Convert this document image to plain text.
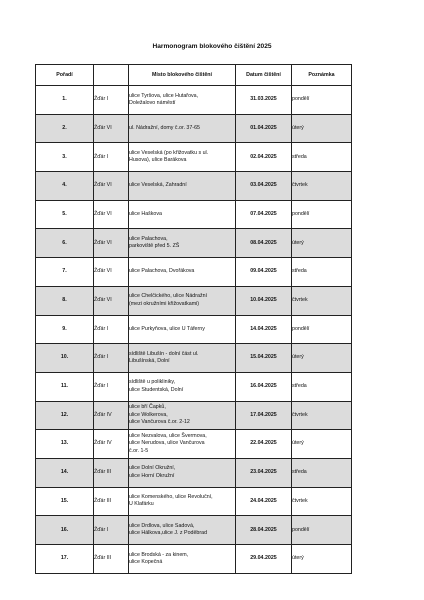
Harmonogram blokového čištění 2025
Pořadí		Místo blokového čištění	Datum čištění	Poznámka
1.	Žďár I	ulice Tyršova, ulice Hutařova,
Doležalovo náměstí	31.03.2025	pondělí
2.	Žďár VI	ul. Nádražní, domy č.or. 37-65	01.04.2025	úterý
3.	Žďár I	ulice Veselská (po křižovatku s ul.
Husova), ulice Barákova	02.04.2025	středa
4.	Žďár VI	ulice Veselská, Zahradní	03.04.2025	čtvrtek
5.	Žďár VI	ulice Haškova	07.04.2025	pondělí
6.	Žďár VI	ulice Palachova,
parkoviště před 5. ZŠ	08.04.2025	úterý
7.	Žďár VI	ulice Palachova, Dvořákova	09.04.2025	středa
8.	Žďár VI	ulice Chelčického, ulice Nádražní
(mezi okružními křižovatkami)	10.04.2025	čtvrtek
9.	Žďár I	ulice Purkyňova, ulice U Táferny	14.04.2025	pondělí
10.	Žďár I	sídliště Libušín - dolní část ul.
Libušínská, Dolní	15.04.2025	úterý
11.	Žďár I	sídliště u polikliniky,
ulice Studentská, Dolní	16.04.2025	středa
12.	Žďár IV	ulice bří Čapků,
ulice Wolkerova,
ulice Vančurova č.or. 2-12	17.04.2025	čtvrtek
13.	Žďár IV	ulice Nezvalova, ulice Švermova,
ulice Nerudova, ulice Vančurova
č.or. 1-5	22.04.2025	úterý
14.	Žďár III	ulice Dolní Okružní,
ulice Horní Okružní	23.04.2025	středa
15.	Žďár III	ulice Komenského, ulice Revoluční,
U Klafárku	24.04.2025	čtvrtek
16.	Žďár I	ulice Drdlova, ulice Sadová,
ulice Hálkova,ulice J. z Poděbrad	28.04.2025	pondělí
17.	Žďár III	ulice Brodská - za kinem,
ulice Kopečná	29.04.2025	úterý
